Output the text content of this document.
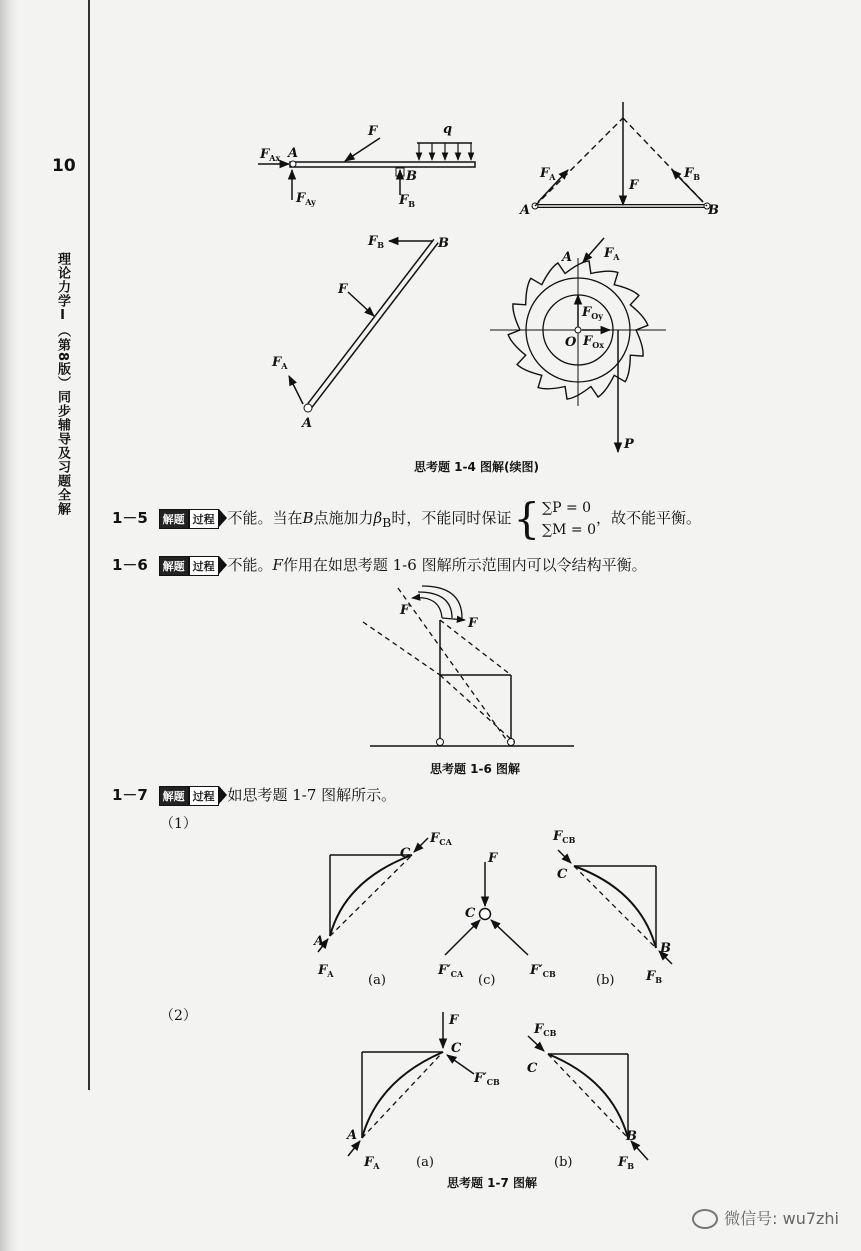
10
理论力学Ⅰ（第8版）同步辅导及习题全解
$F_{Ax}$ A
F	q
B
$F_{Ay}$	$F_B$	A	B
F
$F_A$	$F_B$
$F_B$	B
F
$F_A$
A
A $F_A$
$F_{Oy}$
O $F_{Ox}$
P
F
F
C
$F_{CA}$
A
$F_A$	(a)
F
C
$F'_{CA}$	$F'_{CB}$
(c)
$F_{CB}$
C
B
$F_B$
(b)
F
C
$F'_{CB}$
A
$F_A$	(a)
$F_{CB}$
C
B
$F_B$
(b)
思考题 1-4 图解(续图)
1－5	解题 过程 不能。当在B点施加力$\beta_B$时，不能同时保证{ ∑P = 0
∑M = 0，故不能平衡。
1－6	解题 过程 不能。F作用在如思考题 1-6 图解所示范围内可以令结构平衡。
思考题 1-6 图解
1－7	解题 过程 如思考题 1-7 图解所示。
（1）
（2）
思考题 1-7 图解
微信号: wu7zhi
